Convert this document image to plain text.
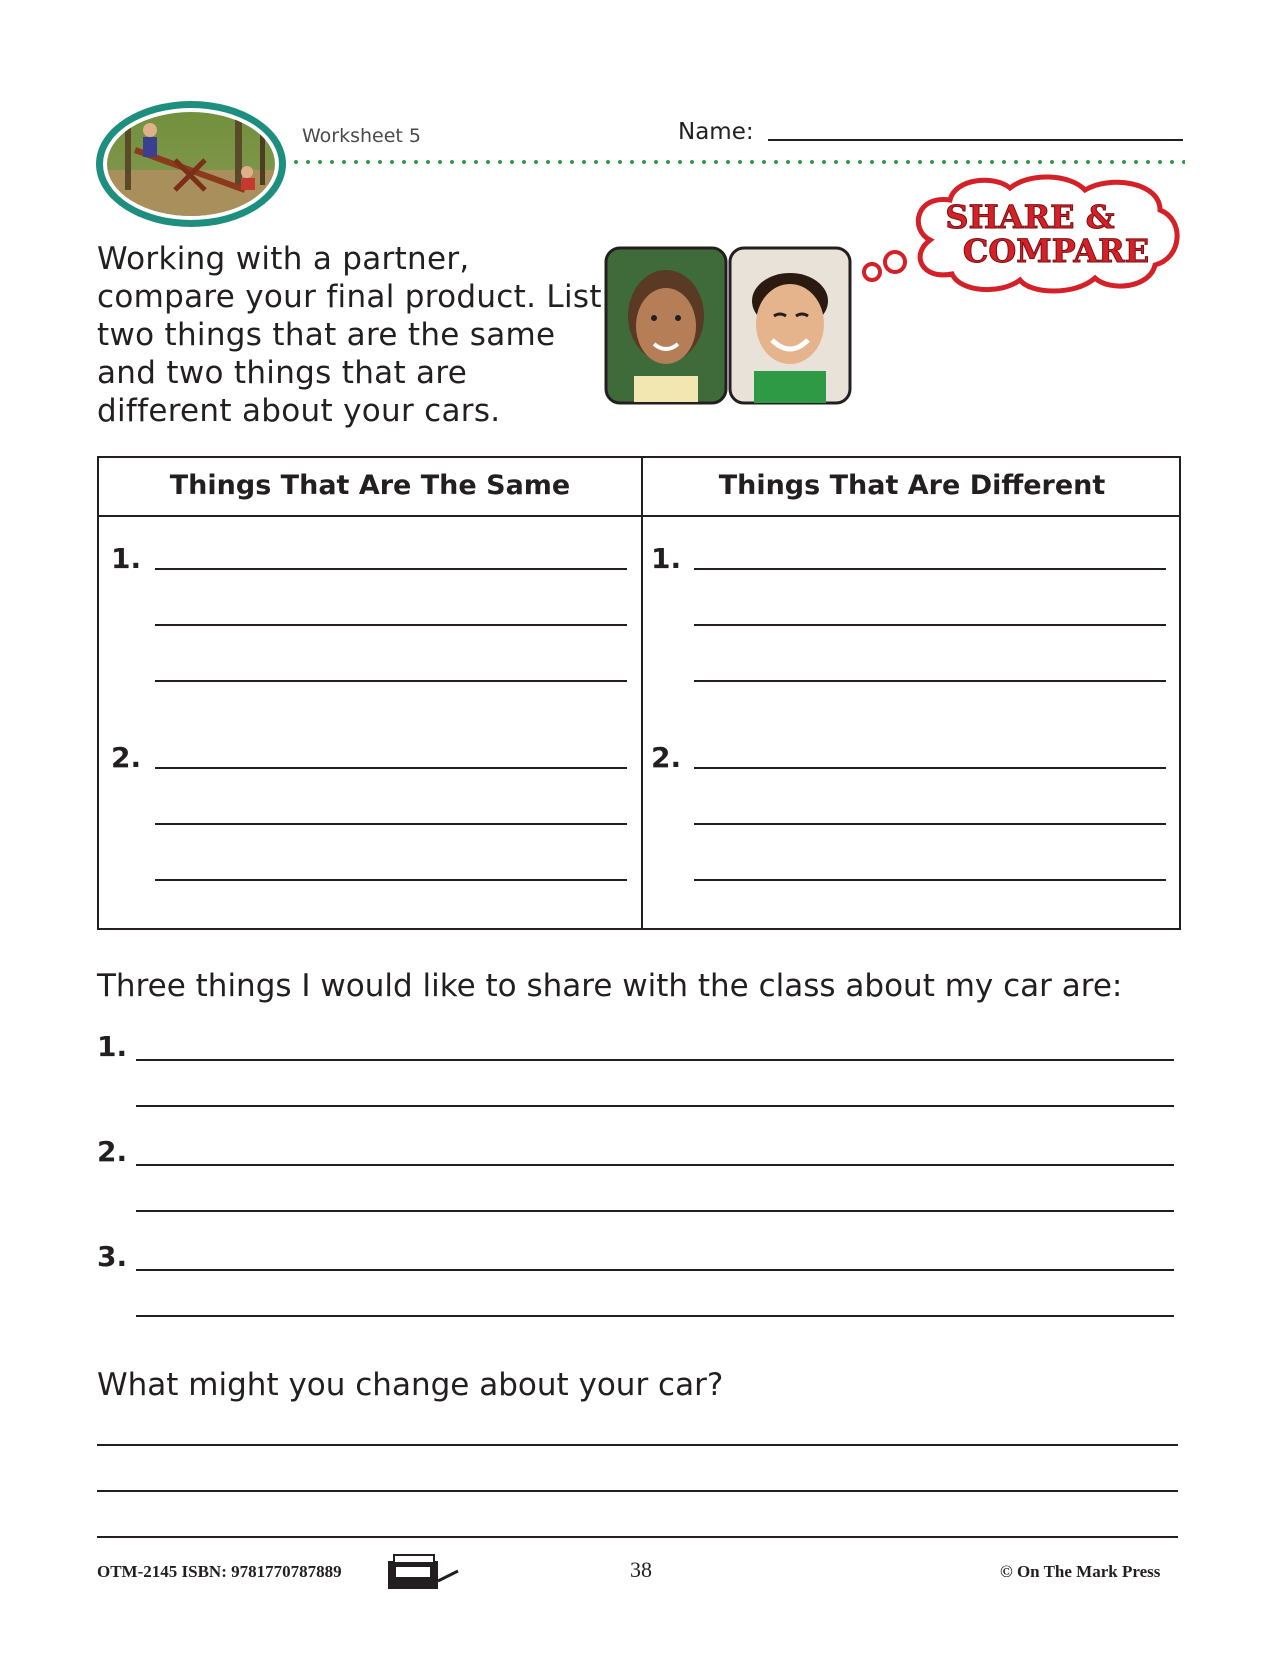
Worksheet 5	Name:
SHARE &
COMPARE
Working with a partner, compare your final product. List two things that are the same and two things that are different about your cars.
Things That Are The Same	Things That Are Different
1.
2.
1.
2.
Three things I would like to share with the class about my car are:
1.
2.
3.
What might you change about your car?
OTM-2145 ISBN: 9781770787889	38	© On The Mark Press
